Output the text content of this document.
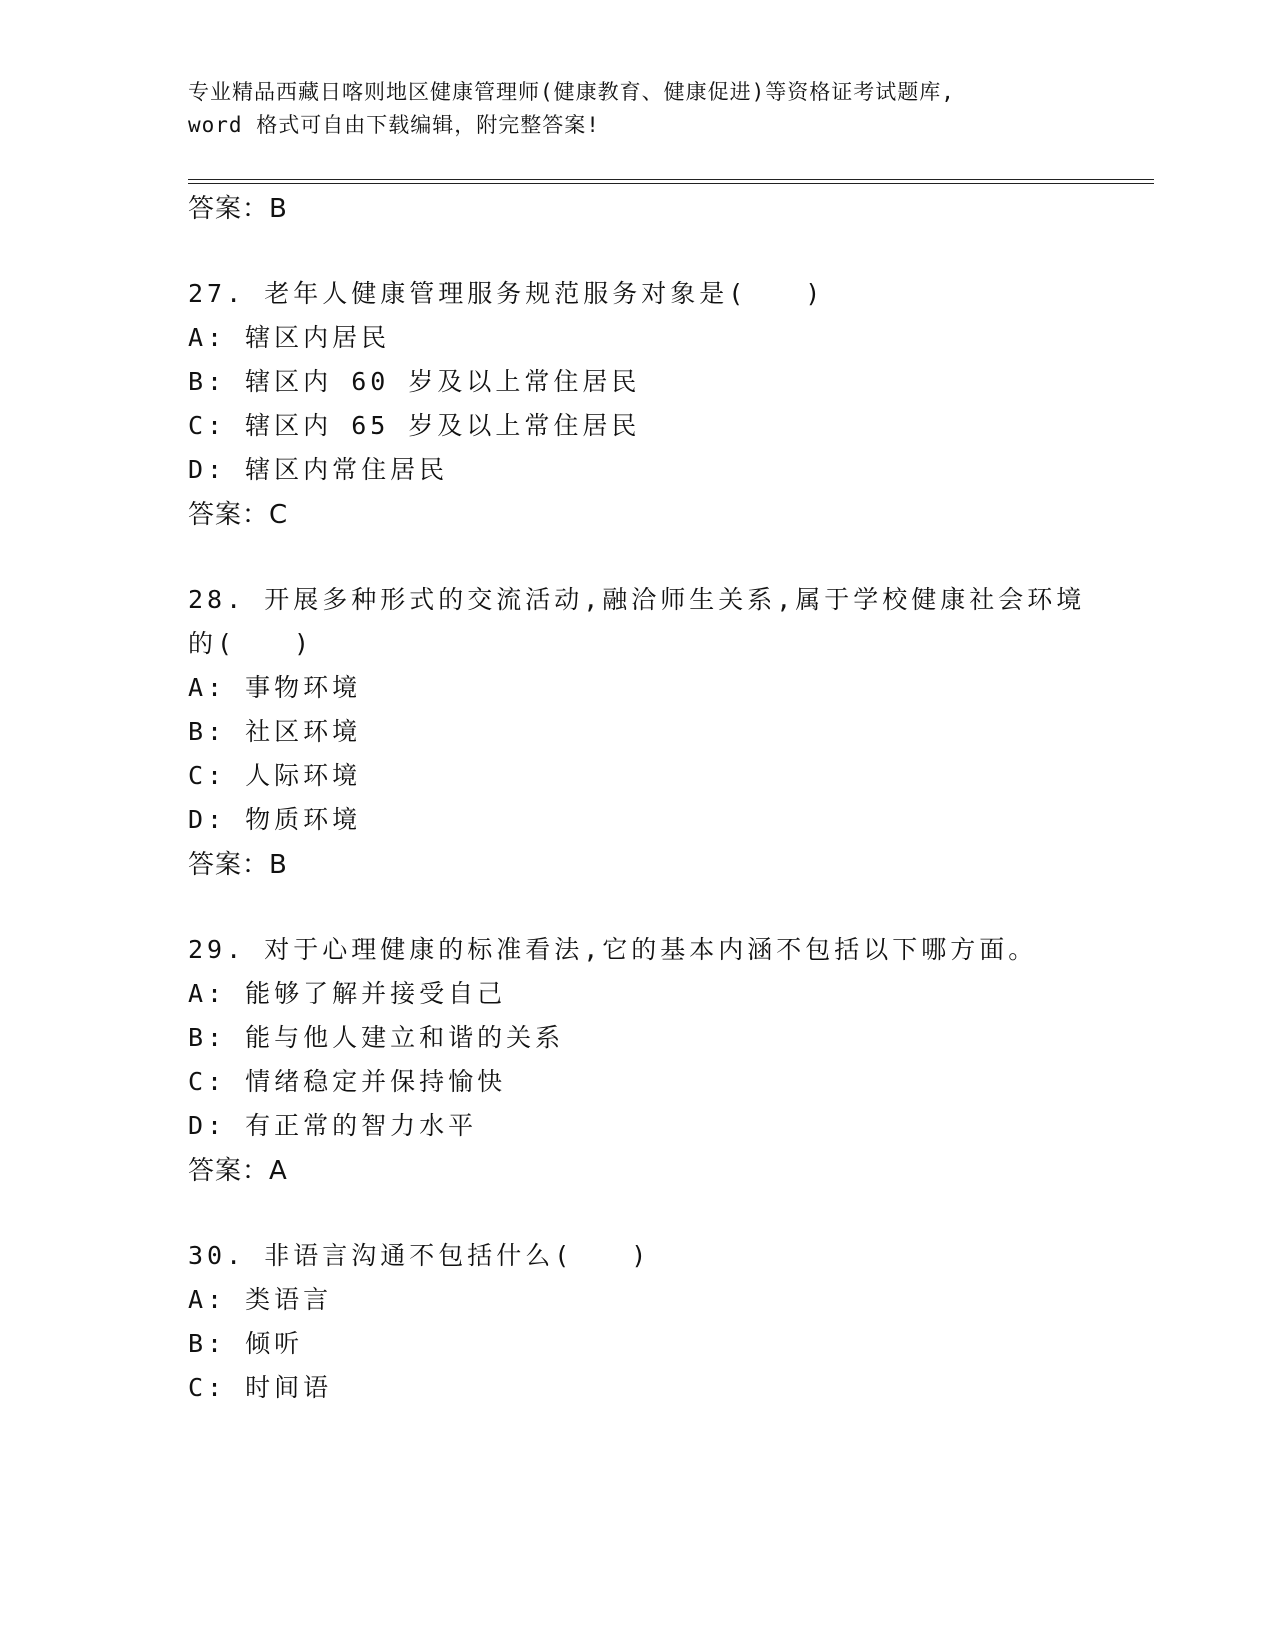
专业精品西藏日喀则地区健康管理师(健康教育、健康促进)等资格证考试题库,
word 格式可自由下载编辑，附完整答案!
答案：B
27. 老年人健康管理服务规范服务对象是(　　)
A: 辖区内居民
B: 辖区内 60 岁及以上常住居民
C: 辖区内 65 岁及以上常住居民
D: 辖区内常住居民
答案：C
28. 开展多种形式的交流活动,融洽师生关系,属于学校健康社会环境
的(　　)
A: 事物环境
B: 社区环境
C: 人际环境
D: 物质环境
答案：B
29. 对于心理健康的标准看法,它的基本内涵不包括以下哪方面。
A: 能够了解并接受自己
B: 能与他人建立和谐的关系
C: 情绪稳定并保持愉快
D: 有正常的智力水平
答案：A
30. 非语言沟通不包括什么(　　)
A: 类语言
B: 倾听
C: 时间语
